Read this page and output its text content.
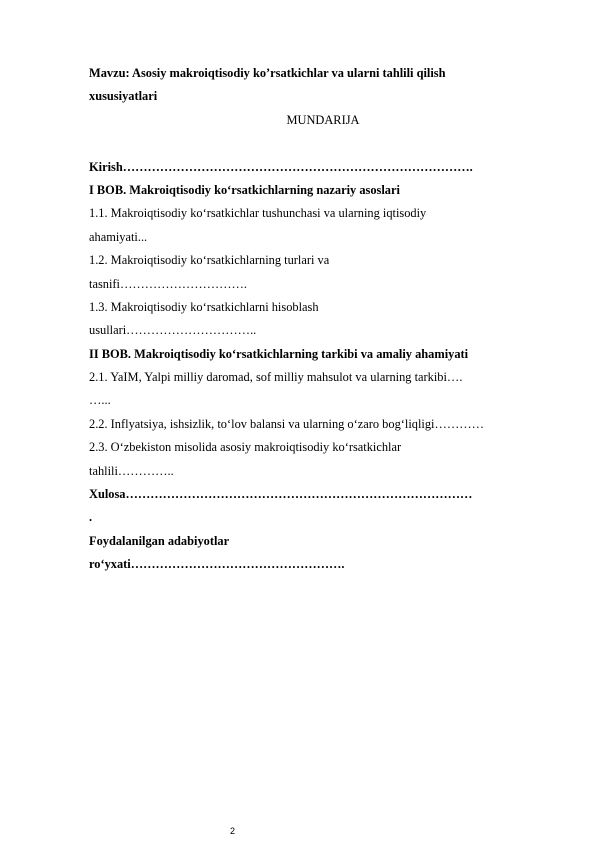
Mavzu: Asosiy makroiqtisodiy ko’rsatkichlar va ularni tahlili qilish
xususiyatlari
MUNDARIJA
Kirish………………………………………………………………………….
I BOB. Makroiqtisodiy ko‘rsatkichlarning nazariy asoslari
1.1. Makroiqtisodiy ko‘rsatkichlar tushunchasi va ularning iqtisodiy
ahamiyati...
1.2. Makroiqtisodiy ko‘rsatkichlarning turlari va
tasnifi………………………….
1.3. Makroiqtisodiy ko‘rsatkichlarni hisoblash
usullari…………………………..
II BOB. Makroiqtisodiy ko‘rsatkichlarning tarkibi va amaliy ahamiyati
2.1. YaIM, Yalpi milliy daromad, sof milliy mahsulot va ularning tarkibi….
…...
2.2. Inflyatsiya, ishsizlik, to‘lov balansi va ularning o‘zaro bog‘liqligi…………
2.3. O‘zbekiston misolida asosiy makroiqtisodiy ko‘rsatkichlar
tahlili…………..
Xulosa…………………………………………………………………………
.
Foydalanilgan adabiyotlar
ro‘yxati…………………………………………….
2
